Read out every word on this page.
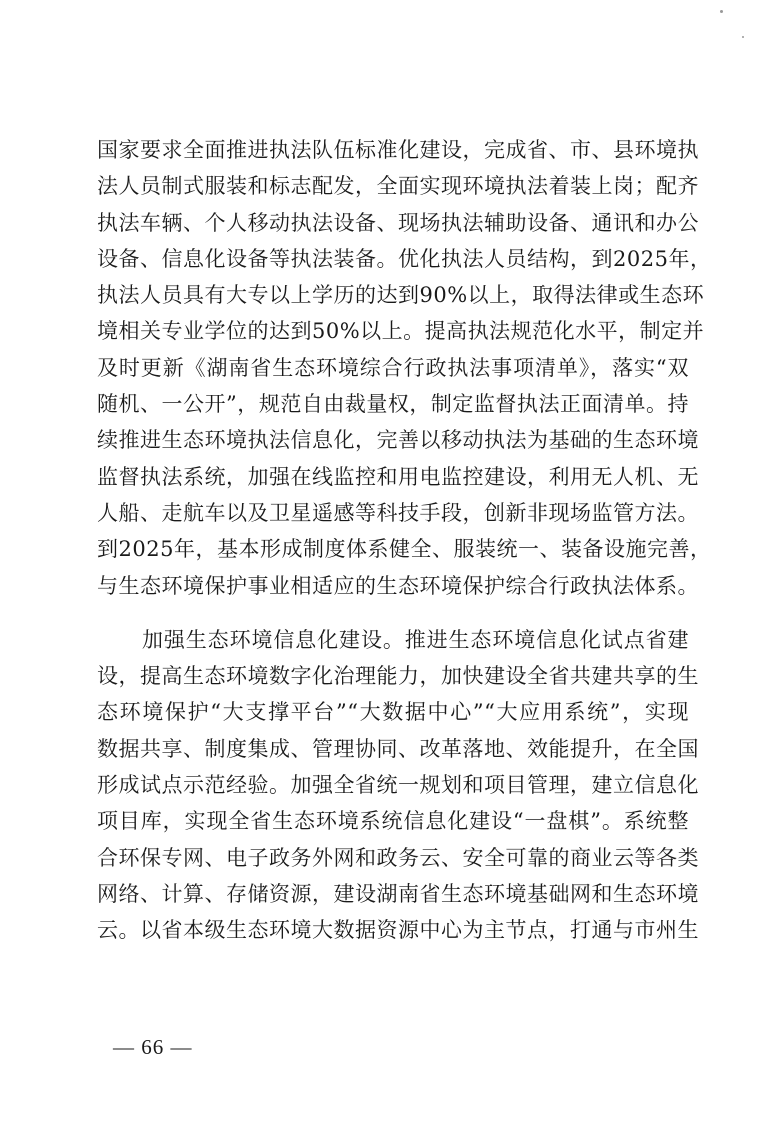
国家要求全面推进执法队伍标准化建设，完成省、市、县环境执
法人员制式服装和标志配发，全面实现环境执法着装上岗；配齐
执法车辆、个人移动执法设备、现场执法辅助设备、通讯和办公
设备、信息化设备等执法装备。优化执法人员结构，到2025年，
执法人员具有大专以上学历的达到90%以上，取得法律或生态环
境相关专业学位的达到50%以上。提高执法规范化水平，制定并
及时更新《湖南省生态环境综合行政执法事项清单》，落实“双
随机、一公开”，规范自由裁量权，制定监督执法正面清单。持
续推进生态环境执法信息化，完善以移动执法为基础的生态环境
监督执法系统，加强在线监控和用电监控建设，利用无人机、无
人船、走航车以及卫星遥感等科技手段，创新非现场监管方法。
到2025年，基本形成制度体系健全、服装统一、装备设施完善，
与生态环境保护事业相适应的生态环境保护综合行政执法体系。
加强生态环境信息化建设。推进生态环境信息化试点省建
设，提高生态环境数字化治理能力，加快建设全省共建共享的生
态环境保护“大支撑平台”“大数据中心”“大应用系统”，实现
数据共享、制度集成、管理协同、改革落地、效能提升，在全国
形成试点示范经验。加强全省统一规划和项目管理，建立信息化
项目库，实现全省生态环境系统信息化建设“一盘棋”。系统整
合环保专网、电子政务外网和政务云、安全可靠的商业云等各类
网络、计算、存储资源，建设湖南省生态环境基础网和生态环境
云。以省本级生态环境大数据资源中心为主节点，打通与市州生
— 66 —
